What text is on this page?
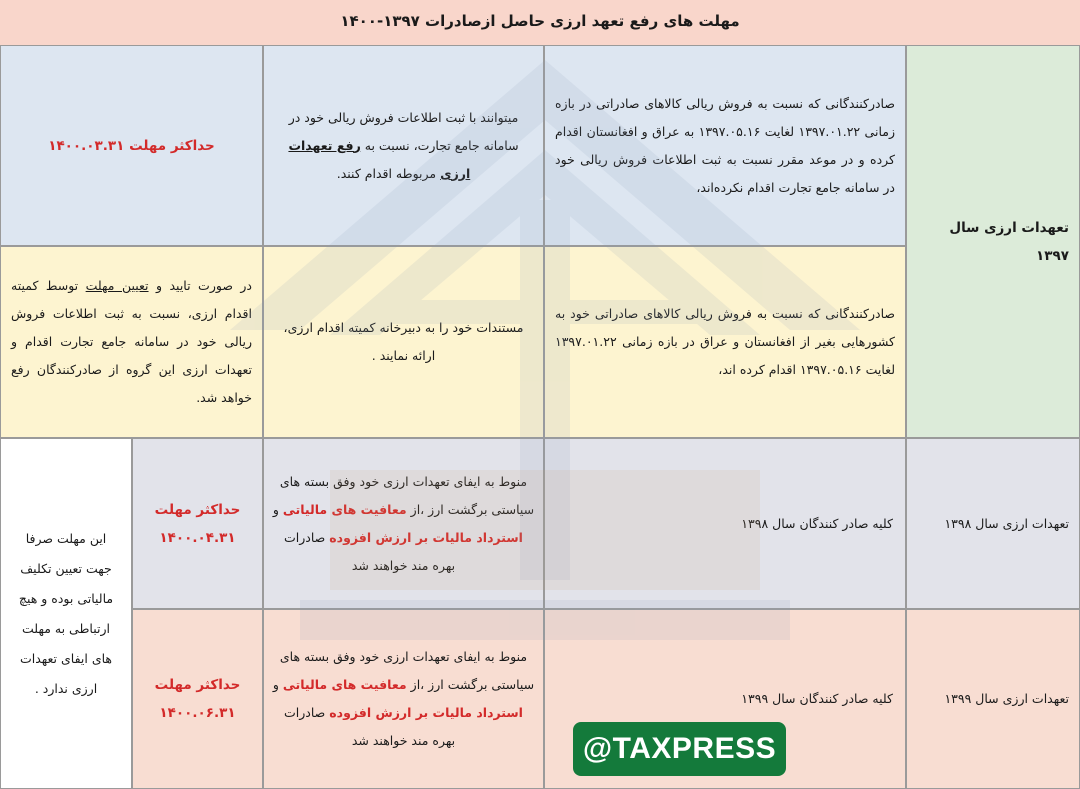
مهلت های رفع تعهد ارزی حاصل ازصادرات ۱۳۹۷-۱۴۰۰
تعهدات ارزی سال ۱۳۹۷
صادرکنندگانی که نسبت به فروش ریالی کالاهای صادراتی در بازه زمانی ۱۳۹۷.۰۱.۲۲ لغایت ۱۳۹۷.۰۵.۱۶ به عراق و افغانستان اقدام کرده و در موعد مقرر نسبت به ثبت اطلاعات فروش ریالی خود در سامانه جامع تجارت اقدام نکرده‌اند،
میتوانند با ثبت اطلاعات فروش ریالی خود در سامانه جامع تجارت، نسبت به رفع تعهدات ارزی مربوطه اقدام کنند.
حداکثر مهلت ۱۴۰۰.۰۳.۳۱
صادرکنندگانی که نسبت به فروش ریالی کالاهای صادراتی خود به کشورهایی بغیر از افغانستان و عراق در بازه زمانی ۱۳۹۷.۰۱.۲۲ لغایت ۱۳۹۷.۰۵.۱۶ اقدام کرده اند،
مستندات خود را به دبیرخانه کمیته اقدام ارزی، ارائه نمایند .
در صورت تایید و تعیین مهلت توسط کمیته اقدام ارزی، نسبت به ثبت اطلاعات فروش ریالی خود در سامانه جامع تجارت اقدام و تعهدات ارزی این گروه از صادرکنندگان رفع خواهد شد.
تعهدات ارزی سال ۱۳۹۸
کلیه صادر کنندگان سال ۱۳۹۸
منوط به ایفای تعهدات ارزی خود وفق بسته های سیاستی برگشت ارز ،از معافیت های مالیاتی و استرداد مالیات بر ارزش افزوده صادرات بهره مند خواهند شد
حداکثر مهلت
۱۴۰۰.۰۴.۳۱
تعهدات ارزی سال ۱۳۹۹
کلیه صادر کنندگان سال ۱۳۹۹
منوط به ایفای تعهدات ارزی خود وفق بسته های سیاستی برگشت ارز ،از معافیت های مالیاتی و استرداد مالیات بر ارزش افزوده صادرات بهره مند خواهند شد
حداکثر مهلت
۱۴۰۰.۰۶.۳۱
این مهلت صرفا جهت تعیین تکلیف مالیاتی بوده و هیچ ارتباطی به مهلت های ایفای تعهدات ارزی ندارد .
@TAXPRESS
